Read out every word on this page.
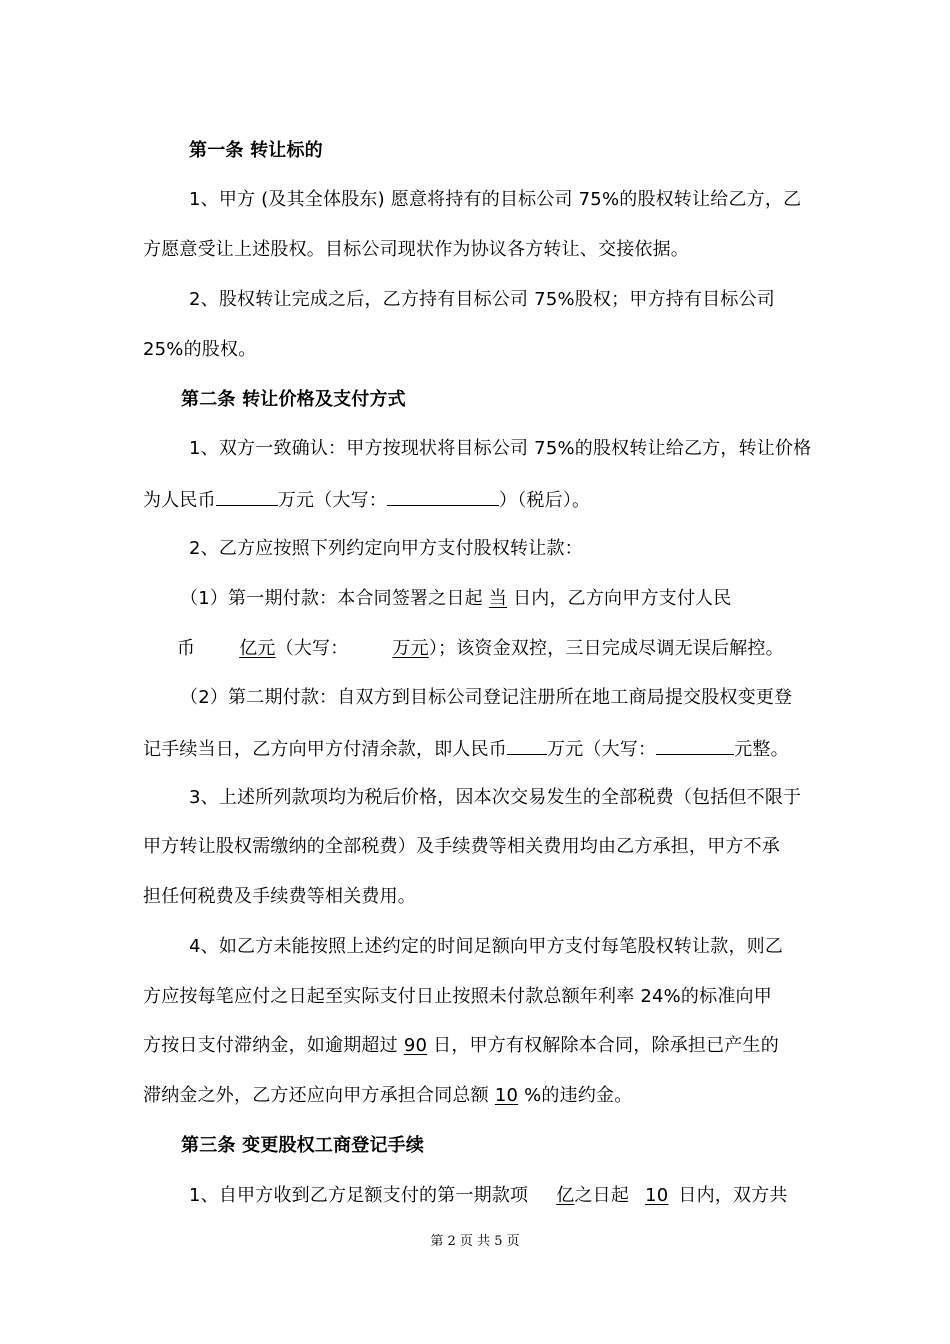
第一条 转让标的
1、甲方 (及其全体股东) 愿意将持有的目标公司 75%的股权转让给乙方，乙
方愿意受让上述股权。目标公司现状作为协议各方转让、交接依据。
2、股权转让完成之后，乙方持有目标公司 75%股权；甲方持有目标公司
25%的股权。
第二条 转让价格及支付方式
1、双方一致确认：甲方按现状将目标公司 75%的股权转让给乙方，转让价格
为人民币	万元（大写：	）（税后）。
2、乙方应按照下列约定向甲方支付股权转让款：
（1）第一期付款：本合同签署之日起 当 日内，乙方向甲方支付人民
币 亿元（大写： 万元）；该资金双控，三日完成尽调无误后解控。
（2）第二期付款：自双方到目标公司登记注册所在地工商局提交股权变更登
记手续当日，乙方向甲方付清余款，即人民币 万元（大写：	元整。
3、上述所列款项均为税后价格，因本次交易发生的全部税费（包括但不限于
甲方转让股权需缴纳的全部税费）及手续费等相关费用均由乙方承担，甲方不承
担任何税费及手续费等相关费用。
4、如乙方未能按照上述约定的时间足额向甲方支付每笔股权转让款，则乙
方应按每笔应付之日起至实际支付日止按照未付款总额年利率 24%的标准向甲
方按日支付滞纳金，如逾期超过 90 日，甲方有权解除本合同，除承担已产生的
滞纳金之外，乙方还应向甲方承担合同总额 10 %的违约金。
第三条 变更股权工商登记手续
1、自甲方收到乙方足额支付的第一期款项 亿之日起 10 日内，双方共
第 2 页 共 5 页
